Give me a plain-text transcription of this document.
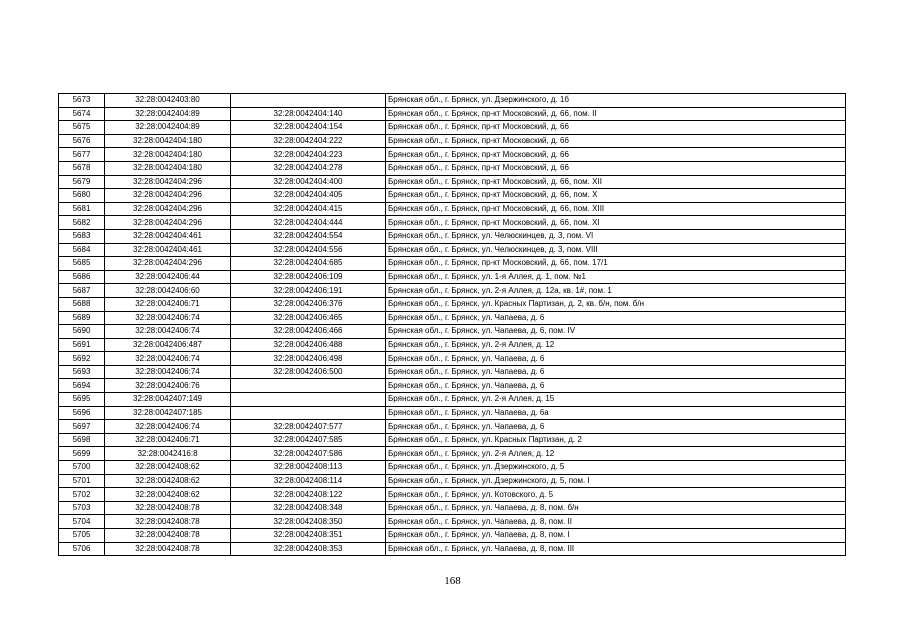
5673	32:28:0042403:80		Брянская обл., г. Брянск, ул. Дзержинского, д. 1б
5674	32:28:0042404:89	32:28:0042404:140	Брянская обл., г. Брянск, пр-кт Московский, д. 66, пом. II
5675	32:28:0042404:89	32:28:0042404:154	Брянская обл., г. Брянск, пр-кт Московский, д. 66
5676	32:28:0042404:180	32:28:0042404:222	Брянская обл., г. Брянск, пр-кт Московский, д. 66
5677	32:28:0042404:180	32:28:0042404:223	Брянская обл., г. Брянск, пр-кт Московский, д. 66
5678	32:28:0042404:180	32:28:0042404:278	Брянская обл., г. Брянск, пр-кт Московский, д. 66
5679	32:28:0042404:296	32:28:0042404:400	Брянская обл., г. Брянск, пр-кт Московский, д. 66, пом. XII
5680	32:28:0042404:296	32:28:0042404:405	Брянская обл., г. Брянск, пр-кт Московский, д. 66, пом. X
5681	32:28:0042404:296	32:28:0042404:415	Брянская обл., г. Брянск, пр-кт Московский, д. 66, пом. XIII
5682	32:28:0042404:296	32:28:0042404:444	Брянская обл., г. Брянск, пр-кт Московский, д. 66, пом. XI
5683	32:28:0042404:461	32:28:0042404:554	Брянская обл., г. Брянск, ул. Челюскинцев, д. 3, пом. VI
5684	32:28:0042404:461	32:28:0042404:556	Брянская обл., г. Брянск, ул. Челюскинцев, д. 3, пом. VIII
5685	32:28:0042404:296	32:28:0042404:685	Брянская обл., г. Брянск, пр-кт Московский, д. 66, пом. 17/1
5686	32:28:0042406:44	32:28:0042406:109	Брянская обл., г. Брянск, ул. 1-я Аллея, д. 1, пом. №1
5687	32:28:0042406:60	32:28:0042406:191	Брянская обл., г. Брянск, ул. 2-я Аллея, д. 12а, кв. 1#, пом. 1
5688	32:28:0042406:71	32:28:0042406:376	Брянская обл., г. Брянск, ул. Красных Партизан, д. 2, кв. б/н, пом. б/н
5689	32:28:0042406:74	32:28:0042406:465	Брянская обл., г. Брянск, ул. Чапаева, д. 6
5690	32:28:0042406:74	32:28:0042406:466	Брянская обл., г. Брянск, ул. Чапаева, д. 6, пом. IV
5691	32:28:0042406:487	32:28:0042406:488	Брянская обл., г. Брянск, ул. 2-я Аллея, д. 12
5692	32:28:0042406:74	32:28:0042406:498	Брянская обл., г. Брянск, ул. Чапаева, д. 6
5693	32:28:0042406:74	32:28:0042406:500	Брянская обл., г. Брянск, ул. Чапаева, д. 6
5694	32:28:0042406:76		Брянская обл., г. Брянск, ул. Чапаева, д. 6
5695	32:28:0042407:149		Брянская обл., г. Брянск, ул. 2-я Аллея, д. 15
5696	32:28:0042407:185		Брянская обл., г. Брянск, ул. Чапаева, д. 6а
5697	32:28:0042406:74	32:28:0042407:577	Брянская обл., г. Брянск, ул. Чапаева, д. 6
5698	32:28:0042406:71	32:28:0042407:585	Брянская обл., г. Брянск, ул. Красных Партизан, д. 2
5699	32:28:0042416:8	32:28:0042407:586	Брянская обл., г. Брянск, ул. 2-я Аллея, д. 12
5700	32:28:0042408:62	32:28:0042408:113	Брянская обл., г. Брянск, ул. Дзержинского, д. 5
5701	32:28:0042408:62	32:28:0042408:114	Брянская обл., г. Брянск, ул. Дзержинского, д. 5, пом. I
5702	32:28:0042408:62	32:28:0042408:122	Брянская обл., г. Брянск, ул. Котовского, д. 5
5703	32:28:0042408:78	32:28:0042408:348	Брянская обл., г. Брянск, ул. Чапаева, д. 8, пом. б/н
5704	32:28:0042408:78	32:28:0042408:350	Брянская обл., г. Брянск, ул. Чапаева, д. 8, пом. II
5705	32:28:0042408:78	32:28:0042408:351	Брянская обл., г. Брянск, ул. Чапаева, д. 8, пом. I
5706	32:28:0042408:78	32:28:0042408:353	Брянская обл., г. Брянск, ул. Чапаева, д. 8, пом. III
168
